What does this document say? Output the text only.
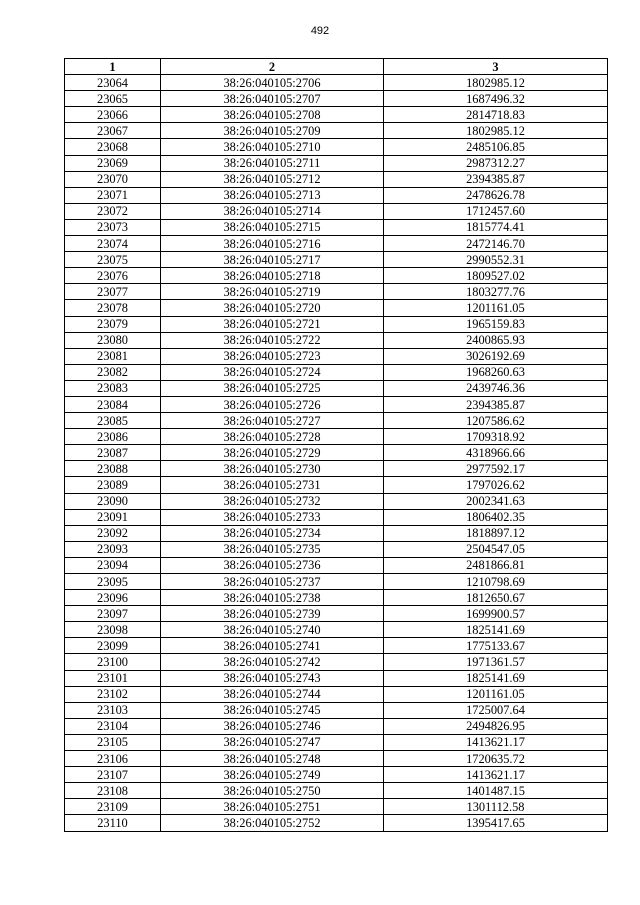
492
1	2	3
23064	38:26:040105:2706	1802985.12
23065	38:26:040105:2707	1687496.32
23066	38:26:040105:2708	2814718.83
23067	38:26:040105:2709	1802985.12
23068	38:26:040105:2710	2485106.85
23069	38:26:040105:2711	2987312.27
23070	38:26:040105:2712	2394385.87
23071	38:26:040105:2713	2478626.78
23072	38:26:040105:2714	1712457.60
23073	38:26:040105:2715	1815774.41
23074	38:26:040105:2716	2472146.70
23075	38:26:040105:2717	2990552.31
23076	38:26:040105:2718	1809527.02
23077	38:26:040105:2719	1803277.76
23078	38:26:040105:2720	1201161.05
23079	38:26:040105:2721	1965159.83
23080	38:26:040105:2722	2400865.93
23081	38:26:040105:2723	3026192.69
23082	38:26:040105:2724	1968260.63
23083	38:26:040105:2725	2439746.36
23084	38:26:040105:2726	2394385.87
23085	38:26:040105:2727	1207586.62
23086	38:26:040105:2728	1709318.92
23087	38:26:040105:2729	4318966.66
23088	38:26:040105:2730	2977592.17
23089	38:26:040105:2731	1797026.62
23090	38:26:040105:2732	2002341.63
23091	38:26:040105:2733	1806402.35
23092	38:26:040105:2734	1818897.12
23093	38:26:040105:2735	2504547.05
23094	38:26:040105:2736	2481866.81
23095	38:26:040105:2737	1210798.69
23096	38:26:040105:2738	1812650.67
23097	38:26:040105:2739	1699900.57
23098	38:26:040105:2740	1825141.69
23099	38:26:040105:2741	1775133.67
23100	38:26:040105:2742	1971361.57
23101	38:26:040105:2743	1825141.69
23102	38:26:040105:2744	1201161.05
23103	38:26:040105:2745	1725007.64
23104	38:26:040105:2746	2494826.95
23105	38:26:040105:2747	1413621.17
23106	38:26:040105:2748	1720635.72
23107	38:26:040105:2749	1413621.17
23108	38:26:040105:2750	1401487.15
23109	38:26:040105:2751	1301112.58
23110	38:26:040105:2752	1395417.65
